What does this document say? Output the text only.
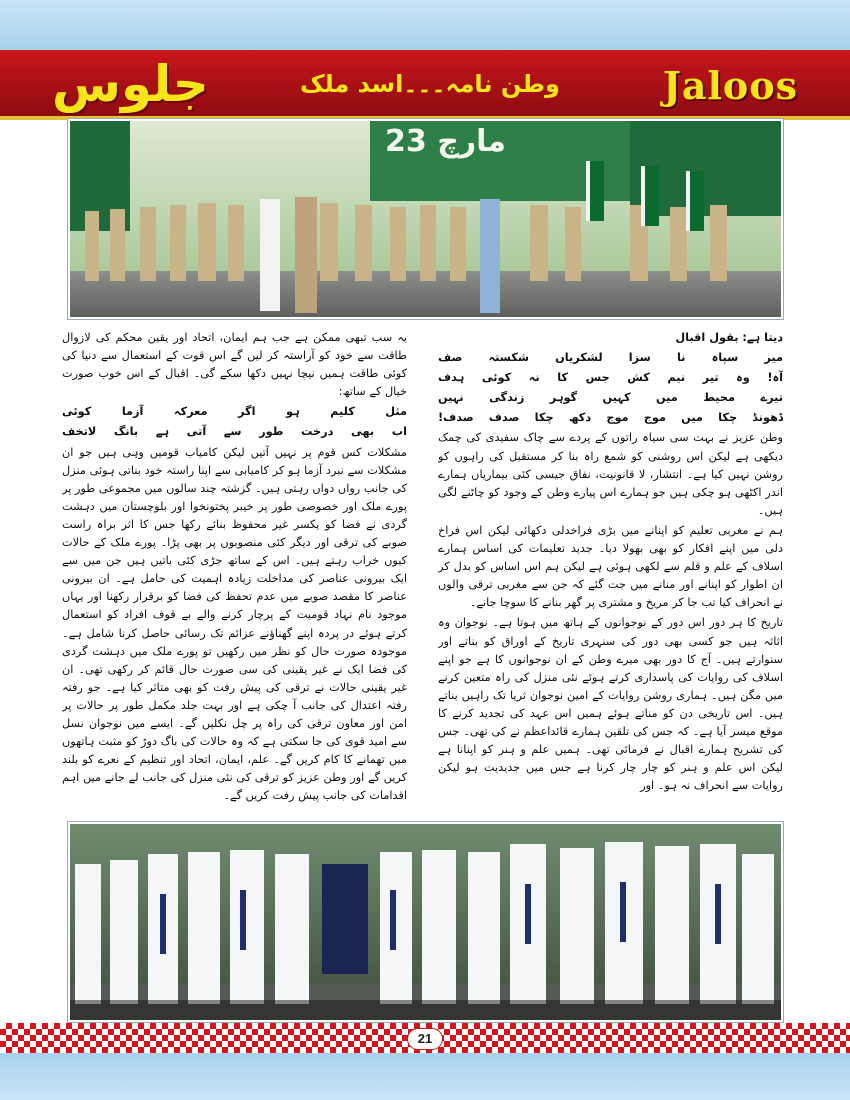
جلوس	وطن نامہ۔۔۔اسد ملک	Jaloos
23 مارچ

دیتا ہے: بقول اقبال

میر سپاہ نا سزا لشکریاں شکستہ صف

آہ! وہ تیر نیم کش جس کا نہ کوئی ہدف

تیرے محیط میں کہیں گوہر زندگی نہیں

ڈھونڈ چکا میں موج موج دکھ چکا صدف صدف!

وطن عزیز نے بہت سی سیاہ راتوں کے پردے سے چاک سفیدی کی چمک دیکھی ہے لیکن اس روشنی کو شمع راہ بنا کر مستقبل کی راہوں کو روشن نہیں کیا ہے۔ انتشار، لا قانونیت، نفاق جیسی کئی بیماریاں ہمارے اندر اکٹھی ہو چکی ہیں جو ہمارے اس پیارے وطن کے وجود کو چاٹنے لگی ہیں۔

ہم نے مغربی تعلیم کو اپنانے میں بڑی فراخدلی دکھائی لیکن اس فراخ دلی میں اپنے افکار کو بھی بھولا دیا۔ جدید تعلیمات کی اساس ہمارے اسلاف کے علم و قلم سے لکھی ہوئی ہے لیکن ہم اس اساس کو بدل کر ان اطوار کو اپنانے اور منانے میں جت گئے کہ جن سے مغربی ترقی والوں نے انحراف کیا تب جا کر مریخ و مشتری پر گھر بنانے کا سوچا جانے۔

تاریخ کا ہر دور اس دور کے نوجوانوں کے ہاتھ میں ہوتا ہے۔ نوجوان وہ اثاثہ ہیں جو کسی بھی دور کی سنہری تاریخ کے اوراق کو بناتے اور سنوارتے ہیں۔ آج کا دور بھی میرے وطن کے ان نوجوانوں کا ہے جو اپنے اسلاف کی روایات کی پاسداری کرتے ہوئے نئی منزل کی راہ متعین کرنے میں مگن ہیں۔ ہماری روشن روایات کے امین نوجوان ثریا تک راہیں بناتے ہیں۔ اس تاریخی دن کو مناتے ہوئے ہمیں اس عہد کی تجدید کرنے کا موقع میسر آیا ہے۔ کہ جس کی تلقین ہمارے قائداعظم نے کی تھی۔ جس کی تشریح ہمارے اقبال نے فرمائی تھی۔ ہمیں علم و ہنر کو اپنانا ہے لیکن اس علم و ہنر کو چار چار کرنا ہے جس میں جدیدیت ہو لیکن روایات سے انحراف نہ ہو۔ اور

یہ سب تبھی ممکن ہے جب ہم ایمان، اتحاد اور یقین محکم کی لازوال طاقت سے خود کو آراستہ کر لیں گے اس قوت کے استعمال سے دنیا کی کوئی طاقت ہمیں نیچا نہیں دکھا سکے گی۔ اقبال کے اس خوب صورت خیال کے ساتھ:

مثل کلیم ہو اگر معرکہ آزما کوئی

اب بھی درخت طور سے آتی ہے بانگ لاتخف

مشکلات کس قوم پر نہیں آتیں لیکن کامیاب قومیں وہی ہیں جو ان مشکلات سے نبرد آزما ہو کر کامیابی سے اپنا راستہ خود بناتی ہوئی منزل کی جانب رواں دواں رہتی ہیں۔ گزشتہ چند سالوں میں مجموعی طور پر پورے ملک اور خصوصی طور پر خیبر پختونخوا اور بلوچستان میں دہشت گردی نے فضا کو یکسر غیر محفوظ بنائے رکھا جس کا اثر براہ راست صوبے کی ترقی اور دیگر کئی منصوبوں پر بھی پڑا۔ پورے ملک کے حالات کیوں خراب رہتے ہیں۔ اس کے ساتھ جڑی کئی باتیں ہیں جن میں سے ایک بیرونی عناصر کی مداخلت زیادہ اہمیت کی حامل ہے۔ ان بیرونی عناصر کا مقصد صوبے میں عدم تحفظ کی فضا کو برقرار رکھنا اور یہاں موجود نام نہاد قومیت کے پرچار کرنے والے بے قوف افراد کو استعمال کرتے ہوئے در پردہ اپنے گھناؤنے عزائم تک رسائی حاصل کرنا شامل ہے۔ موجودہ صورت حال کو نظر میں رکھیں تو پورے ملک میں دہشت گردی کی فضا ایک نے غیر یقینی کی سی صورت حال قائم کر رکھی تھی۔ ان غیر یقینی حالات نے ترقی کی پیش رفت کو بھی متاثر کیا ہے۔ جو رفتہ رفتہ اعتدال کی جانب آ چکی ہے اور بہت جلد مکمل طور پر حالات پر امن اور معاون ترقی کی راہ پر چل نکلیں گے۔ ایسے میں نوجوان نسل سے امید قوی کی جا سکتی ہے کہ وہ حالات کی باگ دوڑ کو مثبت ہاتھوں میں تھمانے کا کام کریں گے۔ علم، ایمان، اتحاد اور تنظیم کے نعرے کو بلند کریں گے اور وطن عزیز کو ترقی کی نئی منزل کی جانب لے جانے میں اہم اقدامات کی جانب پیش رفت کریں گے۔

21
